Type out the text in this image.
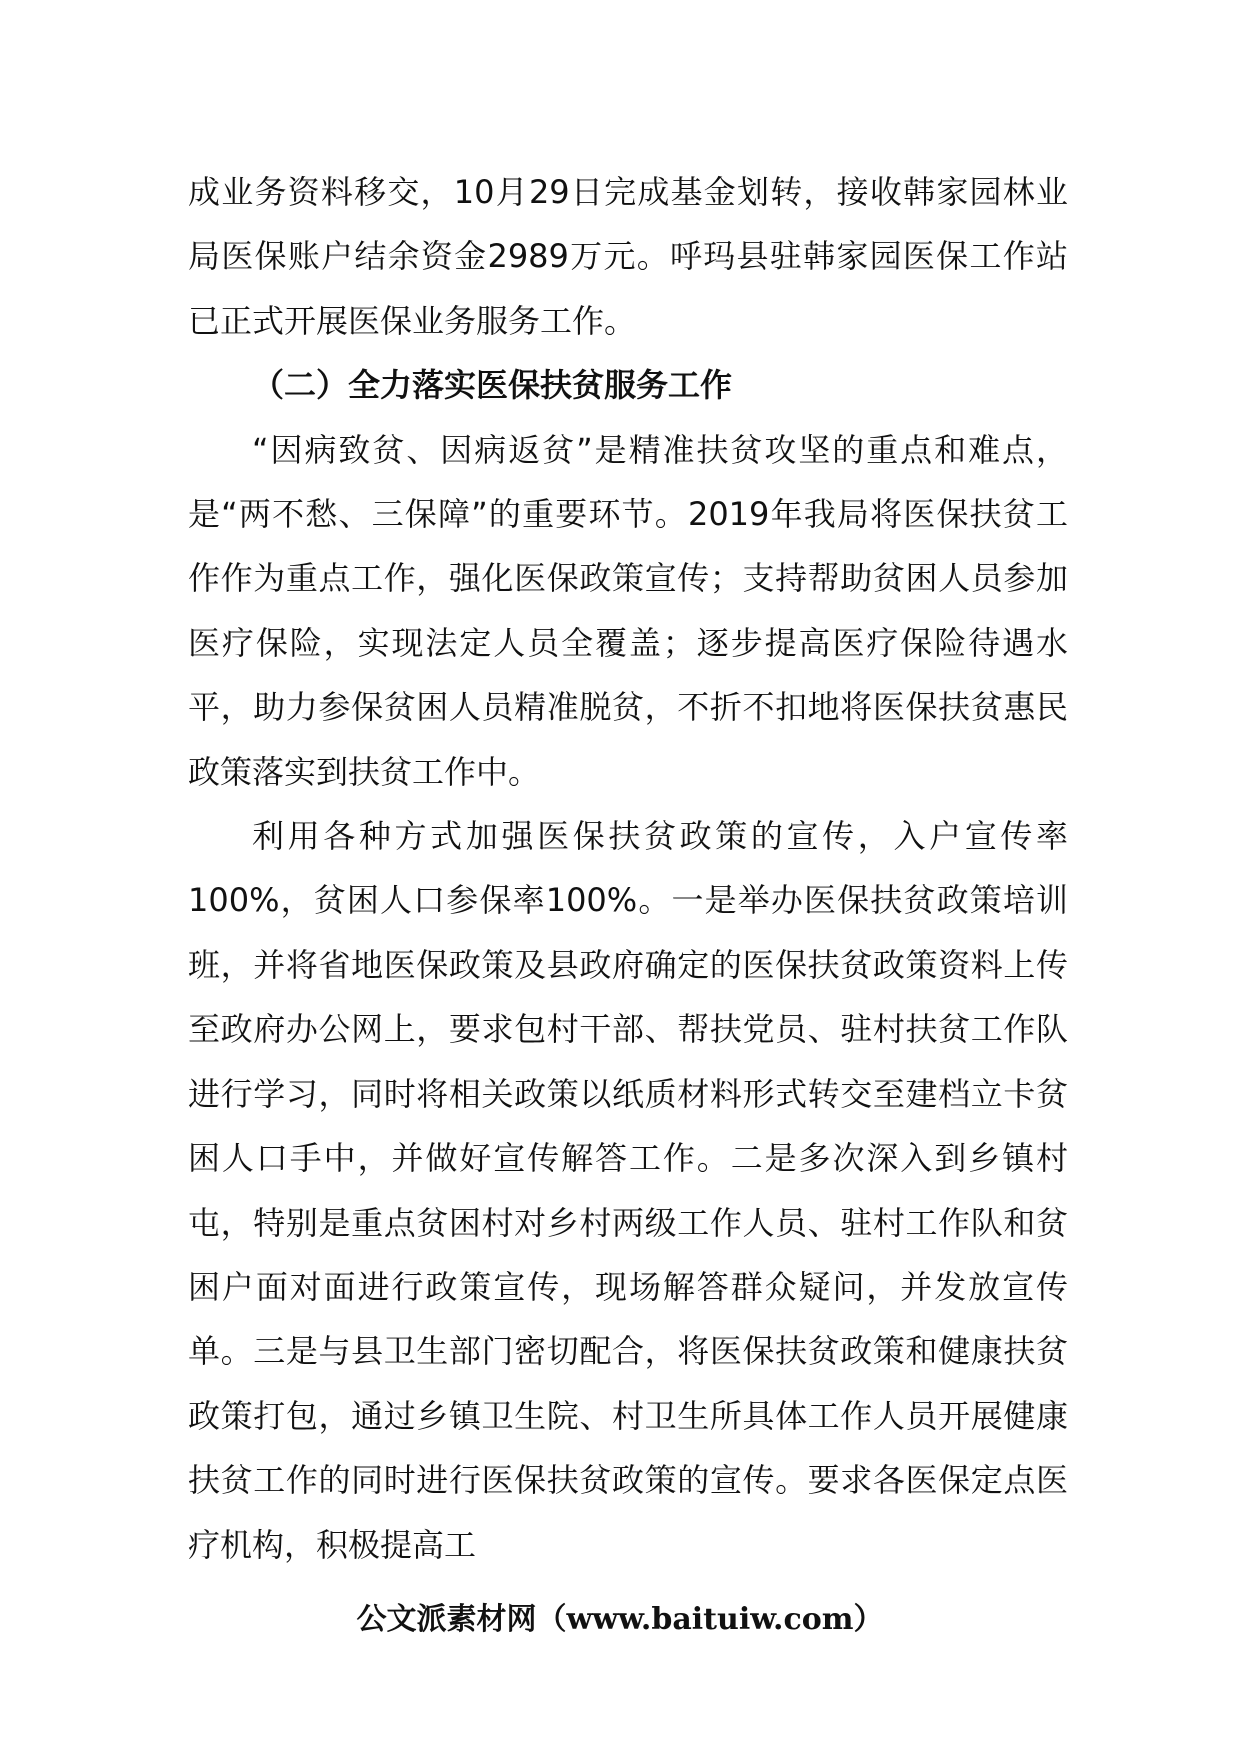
成业务资料移交，10月29日完成基金划转，接收韩家园林业局医保账户结余资金2989万元。呼玛县驻韩家园医保工作站已正式开展医保业务服务工作。

（二）全力落实医保扶贫服务工作

“因病致贫、因病返贫”是精准扶贫攻坚的重点和难点，是“两不愁、三保障”的重要环节。2019年我局将医保扶贫工作作为重点工作，强化医保政策宣传；支持帮助贫困人员参加医疗保险，实现法定人员全覆盖；逐步提高医疗保险待遇水平，助力参保贫困人员精准脱贫，不折不扣地将医保扶贫惠民政策落实到扶贫工作中。

利用各种方式加强医保扶贫政策的宣传，入户宣传率100%，贫困人口参保率100%。一是举办医保扶贫政策培训班，并将省地医保政策及县政府确定的医保扶贫政策资料上传至政府办公网上，要求包村干部、帮扶党员、驻村扶贫工作队进行学习，同时将相关政策以纸质材料形式转交至建档立卡贫困人口手中，并做好宣传解答工作。二是多次深入到乡镇村屯，特别是重点贫困村对乡村两级工作人员、驻村工作队和贫困户面对面进行政策宣传，现场解答群众疑问，并发放宣传单。三是与县卫生部门密切配合，将医保扶贫政策和健康扶贫政策打包，通过乡镇卫生院、村卫生所具体工作人员开展健康扶贫工作的同时进行医保扶贫政策的宣传。要求各医保定点医疗机构，积极提高工

公文派素材网（www.baituiw.com）
